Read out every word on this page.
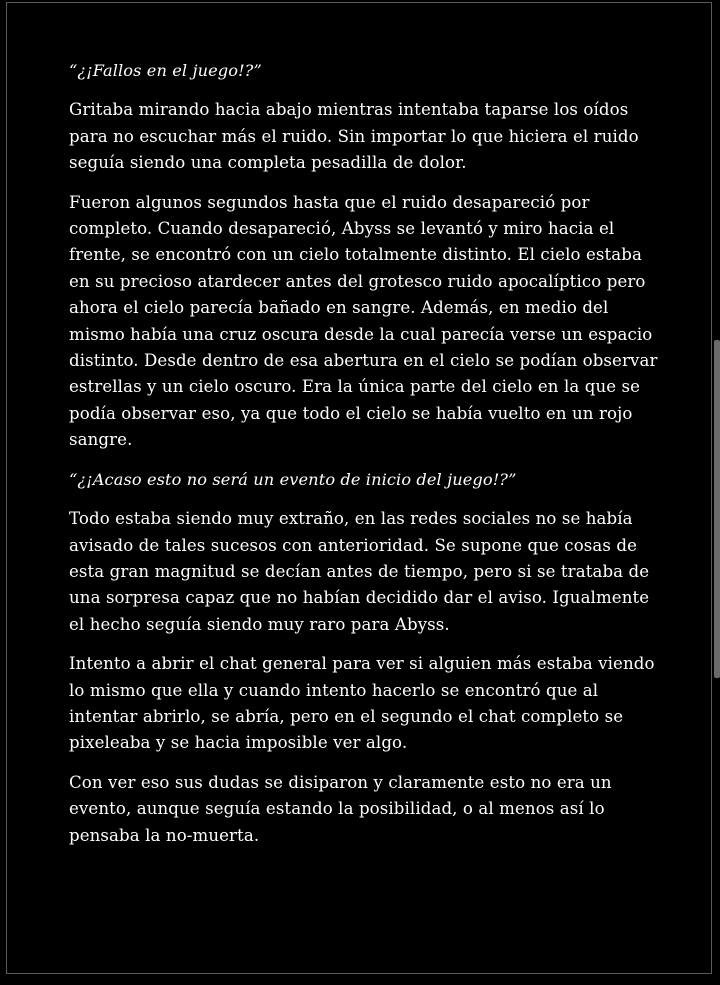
“¿¡Fallos en el juego!?”

Gritaba mirando hacia abajo mientras intentaba taparse los oídos para no escuchar más el ruido. Sin importar lo que hiciera el ruido seguía siendo una completa pesadilla de dolor.

Fueron algunos segundos hasta que el ruido desapareció por completo. Cuando desapareció, Abyss se levantó y miro hacia el frente, se encontró con un cielo totalmente distinto. El cielo estaba en su precioso atardecer antes del grotesco ruido apocalíptico pero ahora el cielo parecía bañado en sangre. Además, en medio del mismo había una cruz oscura desde la cual parecía verse un espacio distinto. Desde dentro de esa abertura en el cielo se podían observar estrellas y un cielo oscuro. Era la única parte del cielo en la que se podía observar eso, ya que todo el cielo se había vuelto en un rojo sangre.

“¿¡Acaso esto no será un evento de inicio del juego!?”

Todo estaba siendo muy extraño, en las redes sociales no se había avisado de tales sucesos con anterioridad. Se supone que cosas de esta gran magnitud se decían antes de tiempo, pero si se trataba de una sorpresa capaz que no habían decidido dar el aviso. Igualmente el hecho seguía siendo muy raro para Abyss.

Intento a abrir el chat general para ver si alguien más estaba viendo lo mismo que ella y cuando intento hacerlo se encontró que al intentar abrirlo, se abría, pero en el segundo el chat completo se pixeleaba y se hacia imposible ver algo.

Con ver eso sus dudas se disiparon y claramente esto no era un evento, aunque seguía estando la posibilidad, o al menos así lo pensaba la no-muerta.
